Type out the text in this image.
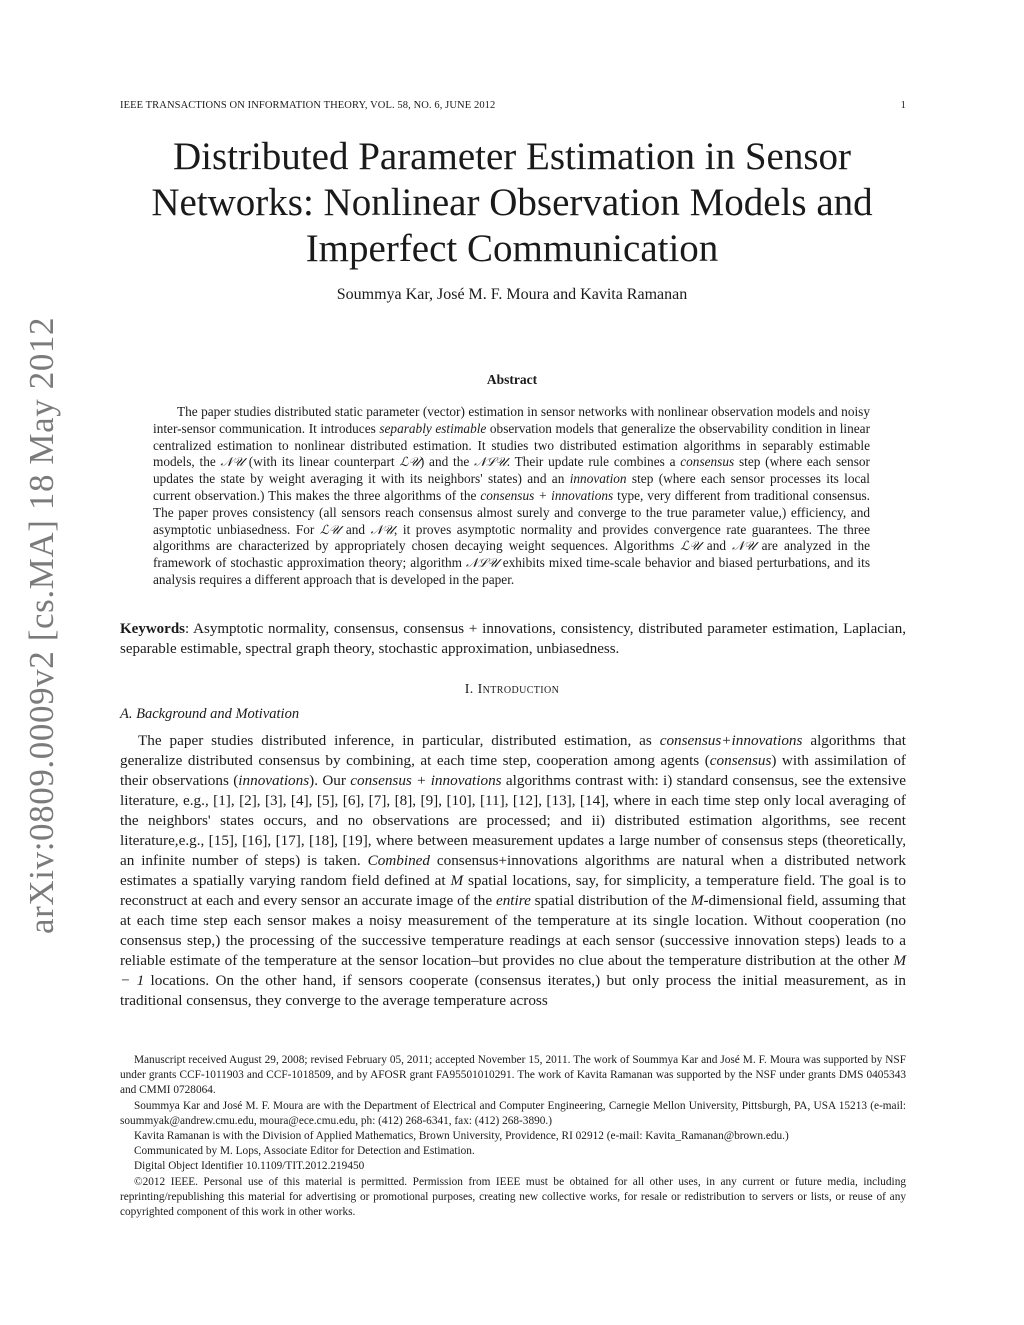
IEEE TRANSACTIONS ON INFORMATION THEORY, VOL. 58, NO. 6, JUNE 2012	1
Distributed Parameter Estimation in Sensor
Networks: Nonlinear Observation Models and
Imperfect Communication
Soummya Kar, José M. F. Moura and Kavita Ramanan
arXiv:0809.0009v2 [cs.MA] 18 May 2012	Abstract
The paper studies distributed static parameter (vector) estimation in sensor networks with nonlinear observation models and noisy inter-sensor communication. It introduces separably estimable observation models that generalize the observability condition in linear centralized estimation to nonlinear distributed estimation. It studies two distributed estimation algorithms in separably estimable models, the 𝒩𝒰 (with its linear counterpart ℒ𝒰) and the 𝒩ℒ𝒰. Their update rule combines a consensus step (where each sensor updates the state by weight averaging it with its neighbors' states) and an innovation step (where each sensor processes its local current observation.) This makes the three algorithms of the consensus + innovations type, very different from traditional consensus. The paper proves consistency (all sensors reach consensus almost surely and converge to the true parameter value,) efficiency, and asymptotic unbiasedness. For ℒ𝒰 and 𝒩𝒰, it proves asymptotic normality and provides convergence rate guarantees. The three algorithms are characterized by appropriately chosen decaying weight sequences. Algorithms ℒ𝒰 and 𝒩𝒰 are analyzed in the framework of stochastic approximation theory; algorithm 𝒩ℒ𝒰 exhibits mixed time-scale behavior and biased perturbations, and its analysis requires a different approach that is developed in the paper.
Keywords: Asymptotic normality, consensus, consensus + innovations, consistency, distributed parameter estimation, Laplacian, separable estimable, spectral graph theory, stochastic approximation, unbiasedness.
I. Introduction
A. Background and Motivation
The paper studies distributed inference, in particular, distributed estimation, as consensus+innovations algorithms that generalize distributed consensus by combining, at each time step, cooperation among agents (consensus) with assimilation of their observations (innovations). Our consensus + innovations algorithms contrast with: i) standard consensus, see the extensive literature, e.g., [1], [2], [3], [4], [5], [6], [7], [8], [9], [10], [11], [12], [13], [14], where in each time step only local averaging of the neighbors' states occurs, and no observations are processed; and ii) distributed estimation algorithms, see recent literature,e.g., [15], [16], [17], [18], [19], where between measurement updates a large number of consensus steps (theoretically, an infinite number of steps) is taken. Combined consensus+innovations algorithms are natural when a distributed network estimates a spatially varying random field defined at M spatial locations, say, for simplicity, a temperature field. The goal is to reconstruct at each and every sensor an accurate image of the entire spatial distribution of the M-dimensional field, assuming that at each time step each sensor makes a noisy measurement of the temperature at its single location. Without cooperation (no consensus step,) the processing of the successive temperature readings at each sensor (successive innovation steps) leads to a reliable estimate of the temperature at the sensor location–but provides no clue about the temperature distribution at the other M − 1 locations. On the other hand, if sensors cooperate (consensus iterates,) but only process the initial measurement, as in traditional consensus, they converge to the average temperature across

Manuscript received August 29, 2008; revised February 05, 2011; accepted November 15, 2011. The work of Soummya Kar and José M. F. Moura was supported by NSF under grants CCF-1011903 and CCF-1018509, and by AFOSR grant FA95501010291. The work of Kavita Ramanan was supported by the NSF under grants DMS 0405343 and CMMI 0728064.

Soummya Kar and José M. F. Moura are with the Department of Electrical and Computer Engineering, Carnegie Mellon University, Pittsburgh, PA, USA 15213 (e-mail: soummyak@andrew.cmu.edu, moura@ece.cmu.edu, ph: (412) 268-6341, fax: (412) 268-3890.)

Kavita Ramanan is with the Division of Applied Mathematics, Brown University, Providence, RI 02912 (e-mail: Kavita_Ramanan@brown.edu.)

Communicated by M. Lops, Associate Editor for Detection and Estimation.

Digital Object Identifier 10.1109/TIT.2012.219450

©2012 IEEE. Personal use of this material is permitted. Permission from IEEE must be obtained for all other uses, in any current or future media, including reprinting/republishing this material for advertising or promotional purposes, creating new collective works, for resale or redistribution to servers or lists, or reuse of any copyrighted component of this work in other works.
